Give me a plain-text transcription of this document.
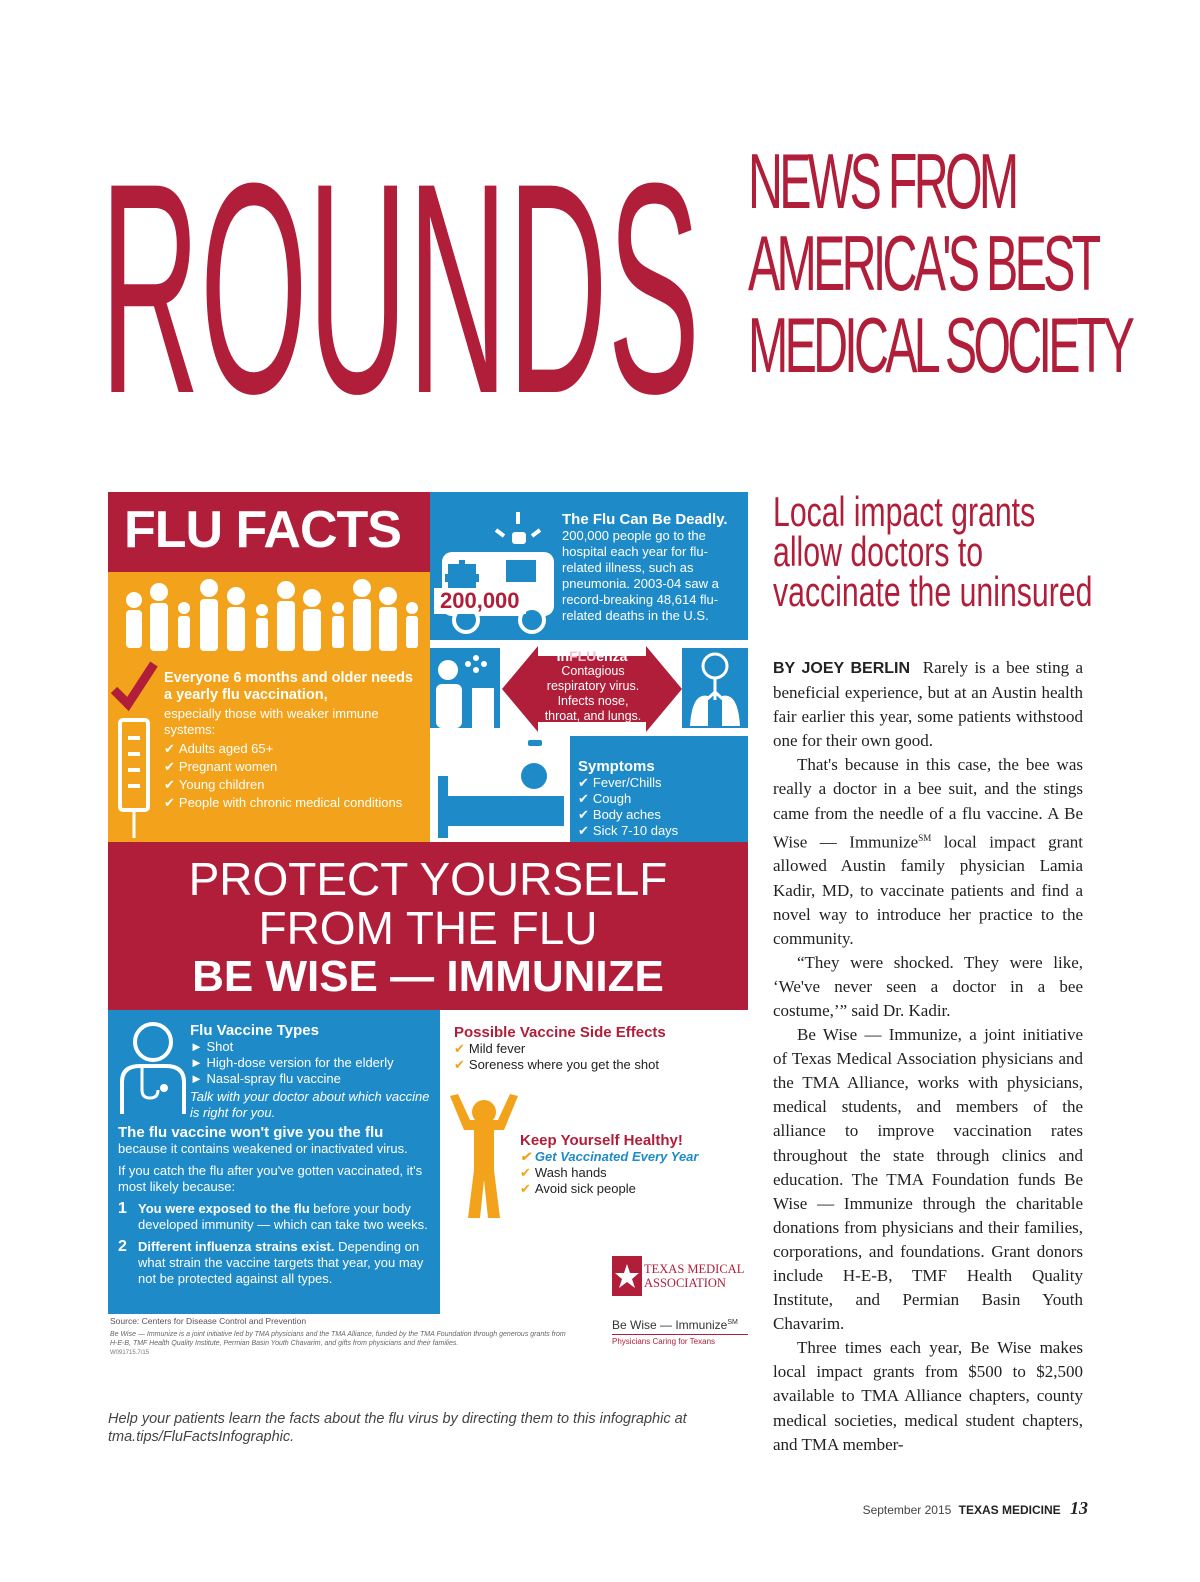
ROUNDS NEWS FROM
AMERICA'S BEST
MEDICAL SOCIETY
FLU FACTS
200,000
The Flu Can Be Deadly. 200,000 people go to the hospital each year for flu-related illness, such as pneumonia. 2003-04 saw a record-breaking 48,614 flu-related deaths in the U.S.
Everyone 6 months and older needs a yearly flu vaccination,
especially those with weaker immune systems:
✔ Adults aged 65+
✔ Pregnant women
✔ Young children
✔ People with chronic medical conditions
InFLUenza
Contagious respiratory virus. Infects nose, throat, and lungs.
Symptoms
✔ Fever/Chills
✔ Cough
✔ Body aches
✔ Sick 7-10 days
PROTECT YOURSELF
FROM THE FLU
BE WISE — IMMUNIZE
Flu Vaccine Types
► Shot
► High-dose version for the elderly
► Nasal-spray flu vaccine
Talk with your doctor about which vaccine is right for you.
The flu vaccine won't give you the flu
because it contains weakened or inactivated virus.
If you catch the flu after you've gotten vaccinated, it's most likely because:
1 You were exposed to the flu before your body developed immunity — which can take two weeks.
2 Different influenza strains exist. Depending on what strain the vaccine targets that year, you may not be protected against all types.
Possible Vaccine Side Effects
✔ Mild fever
✔ Soreness where you get the shot
Keep Yourself Healthy!
✔ Get Vaccinated Every Year
✔ Wash hands
✔ Avoid sick people
TEXAS MEDICAL
ASSOCIATION
Be Wise — Immunize℠
Physicians Caring for Texans
Source: Centers for Disease Control and Prevention
Be Wise — Immunize is a joint initiative led by TMA physicians and the TMA Alliance, funded by the TMA Foundation through generous grants from H-E-B, TMF Health Quality Institute, Permian Basin Youth Chavarim, and gifts from physicians and their families.
W091715.7/15
Help your patients learn the facts about the flu virus by directing them to this infographic at tma.tips/FluFactsInfographic.
Local impact grants
allow doctors to
vaccinate the uninsured

BY JOEY BERLIN Rarely is a bee sting a beneficial experience, but at an Austin health fair earlier this year, some patients withstood one for their own good.

That's because in this case, the bee was really a doctor in a bee suit, and the stings came from the needle of a flu vaccine. A Be Wise — Immunize℠ local impact grant allowed Austin family physician Lamia Kadir, MD, to vaccinate patients and find a novel way to introduce her practice to the community.

“They were shocked. They were like, ‘We've never seen a doctor in a bee costume,’” said Dr. Kadir.

Be Wise — Immunize, a joint initiative of Texas Medical Association physicians and the TMA Alliance, works with physicians, medical students, and members of the alliance to improve vaccination rates throughout the state through clinics and education. The TMA Foundation funds Be Wise — Immunize through the charitable donations from physicians and their families, corporations, and foundations. Grant donors include H-E-B, TMF Health Quality Institute, and Permian Basin Youth Chavarim.

Three times each year, Be Wise makes local impact grants from $500 to $2,500 available to TMA Alliance chapters, county medical societies, medical student chapters, and TMA member-

September 2015 TEXAS MEDICINE 13
